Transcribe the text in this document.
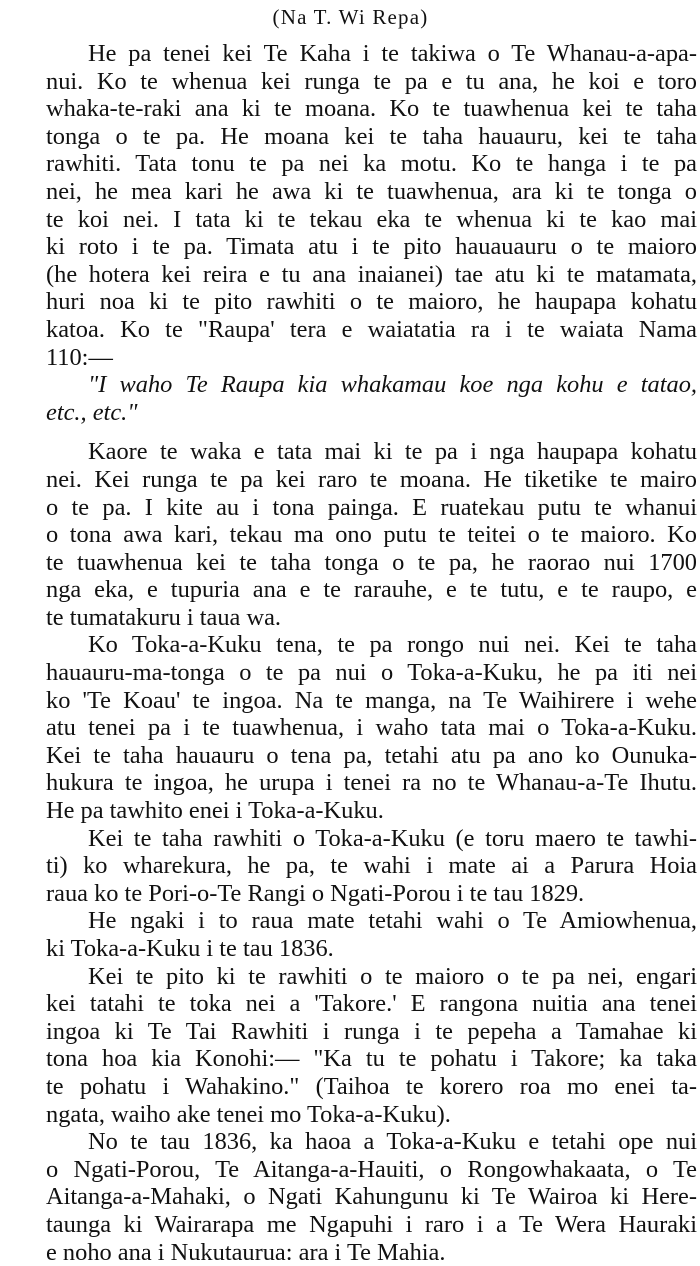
(Na T. Wi Repa)
He pa tenei kei Te Kaha i te takiwa o Te Whanau-a-apa-
nui. Ko te whenua kei runga te pa e tu ana, he koi e toro
whaka-te-raki ana ki te moana. Ko te tuawhenua kei te taha
tonga o te pa. He moana kei te taha hauauru, kei te taha
rawhiti. Tata tonu te pa nei ka motu. Ko te hanga i te pa
nei, he mea kari he awa ki te tuawhenua, ara ki te tonga o
te koi nei. I tata ki te tekau eka te whenua ki te kao mai
ki roto i te pa. Timata atu i te pito hauauauru o te maioro
(he hotera kei reira e tu ana inaianei) tae atu ki te matamata,
huri noa ki te pito rawhiti o te maioro, he haupapa kohatu
katoa. Ko te "Raupa' tera e waiatatia ra i te waiata Nama
110:—
"I waho Te Raupa kia whakamau koe nga kohu e tatao,
etc., etc."
Kaore te waka e tata mai ki te pa i nga haupapa kohatu
nei. Kei runga te pa kei raro te moana. He tiketike te mairo
o te pa. I kite au i tona painga. E ruatekau putu te whanui
o tona awa kari, tekau ma ono putu te teitei o te maioro. Ko
te tuawhenua kei te taha tonga o te pa, he raorao nui 1700
nga eka, e tupuria ana e te rarauhe, e te tutu, e te raupo, e
te tumatakuru i taua wa.
Ko Toka-a-Kuku tena, te pa rongo nui nei. Kei te taha
hauauru-ma-tonga o te pa nui o Toka-a-Kuku, he pa iti nei
ko 'Te Koau' te ingoa. Na te manga, na Te Waihirere i wehe
atu tenei pa i te tuawhenua, i waho tata mai o Toka-a-Kuku.
Kei te taha hauauru o tena pa, tetahi atu pa ano ko Ounuka-
hukura te ingoa, he urupa i tenei ra no te Whanau-a-Te Ihutu.
He pa tawhito enei i Toka-a-Kuku.
Kei te taha rawhiti o Toka-a-Kuku (e toru maero te tawhi-
ti) ko wharekura, he pa, te wahi i mate ai a Parura Hoia
raua ko te Pori-o-Te Rangi o Ngati-Porou i te tau 1829.
He ngaki i to raua mate tetahi wahi o Te Amiowhenua,
ki Toka-a-Kuku i te tau 1836.
Kei te pito ki te rawhiti o te maioro o te pa nei, engari
kei tatahi te toka nei a 'Takore.' E rangona nuitia ana tenei
ingoa ki Te Tai Rawhiti i runga i te pepeha a Tamahae ki
tona hoa kia Konohi:— "Ka tu te pohatu i Takore; ka taka
te pohatu i Wahakino." (Taihoa te korero roa mo enei ta-
ngata, waiho ake tenei mo Toka-a-Kuku).
No te tau 1836, ka haoa a Toka-a-Kuku e tetahi ope nui
o Ngati-Porou, Te Aitanga-a-Hauiti, o Rongowhakaata, o Te
Aitanga-a-Mahaki, o Ngati Kahungunu ki Te Wairoa ki Here-
taunga ki Wairarapa me Ngapuhi i raro i a Te Wera Hauraki
e noho ana i Nukutaurua: ara i Te Mahia.
